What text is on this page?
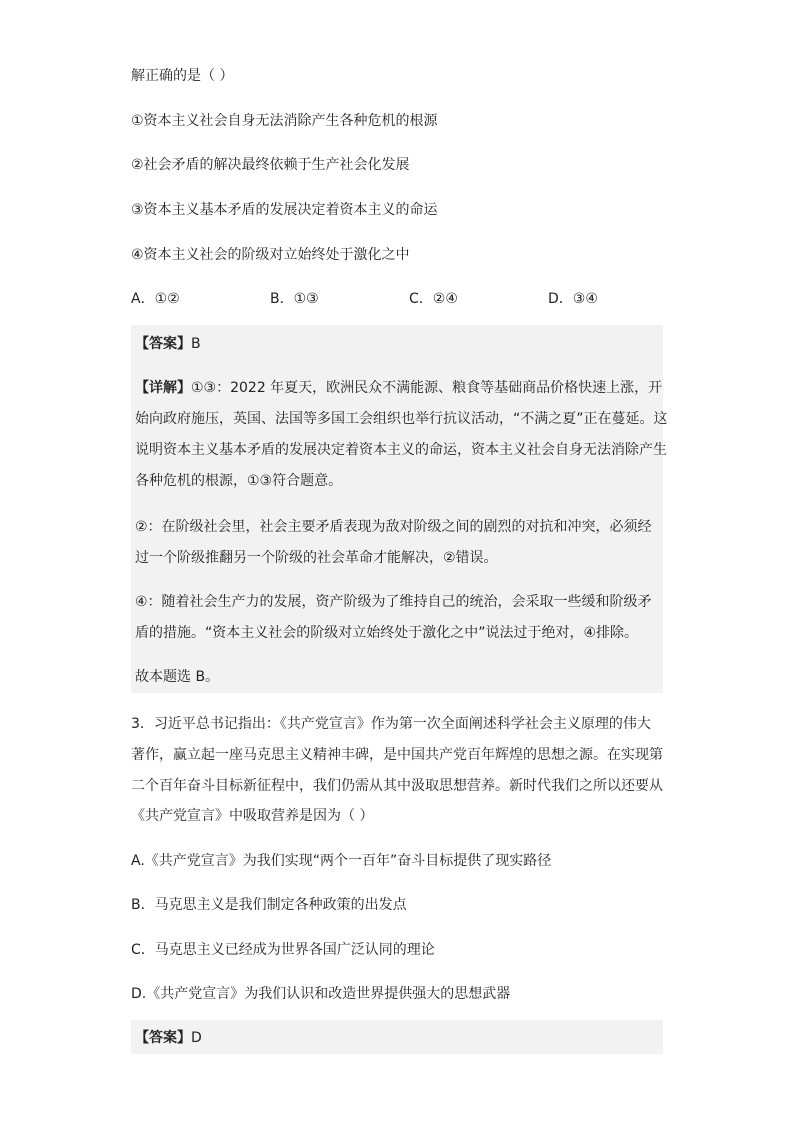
解正确的是（ ）
①资本主义社会自身无法消除产生各种危机的根源
②社会矛盾的解决最终依赖于生产社会化发展
③资本主义基本矛盾的发展决定着资本主义的命运
④资本主义社会的阶级对立始终处于激化之中
A．①②	B．①③	C．②④	D．③④
【答案】B
【详解】①③：2022 年夏天，欧洲民众不满能源、粮食等基础商品价格快速上涨，开
始向政府施压，英国、法国等多国工会组织也举行抗议活动，“不满之夏”正在蔓延。这
说明资本主义基本矛盾的发展决定着资本主义的命运，资本主义社会自身无法消除产生
各种危机的根源，①③符合题意。
②：在阶级社会里，社会主要矛盾表现为敌对阶级之间的剧烈的对抗和冲突，必须经
过一个阶级推翻另一个阶级的社会革命才能解决，②错误。
④：随着社会生产力的发展，资产阶级为了维持自己的统治，会采取一些缓和阶级矛
盾的措施。“资本主义社会的阶级对立始终处于激化之中”说法过于绝对，④排除。
故本题选 B。
3．习近平总书记指出：《共产党宣言》作为第一次全面阐述科学社会主义原理的伟大
著作，赢立起一座马克思主义精神丰碑，是中国共产党百年辉煌的思想之源。在实现第
二个百年奋斗目标新征程中，我们仍需从其中汲取思想营养。新时代我们之所以还要从
《共产党宣言》中吸取营养是因为（ ）
A.《共产党宣言》为我们实现“两个一百年”奋斗目标提供了现实路径
B．马克思主义是我们制定各种政策的出发点
C．马克思主义已经成为世界各国广泛认同的理论
D.《共产党宣言》为我们认识和改造世界提供强大的思想武器
【答案】D
